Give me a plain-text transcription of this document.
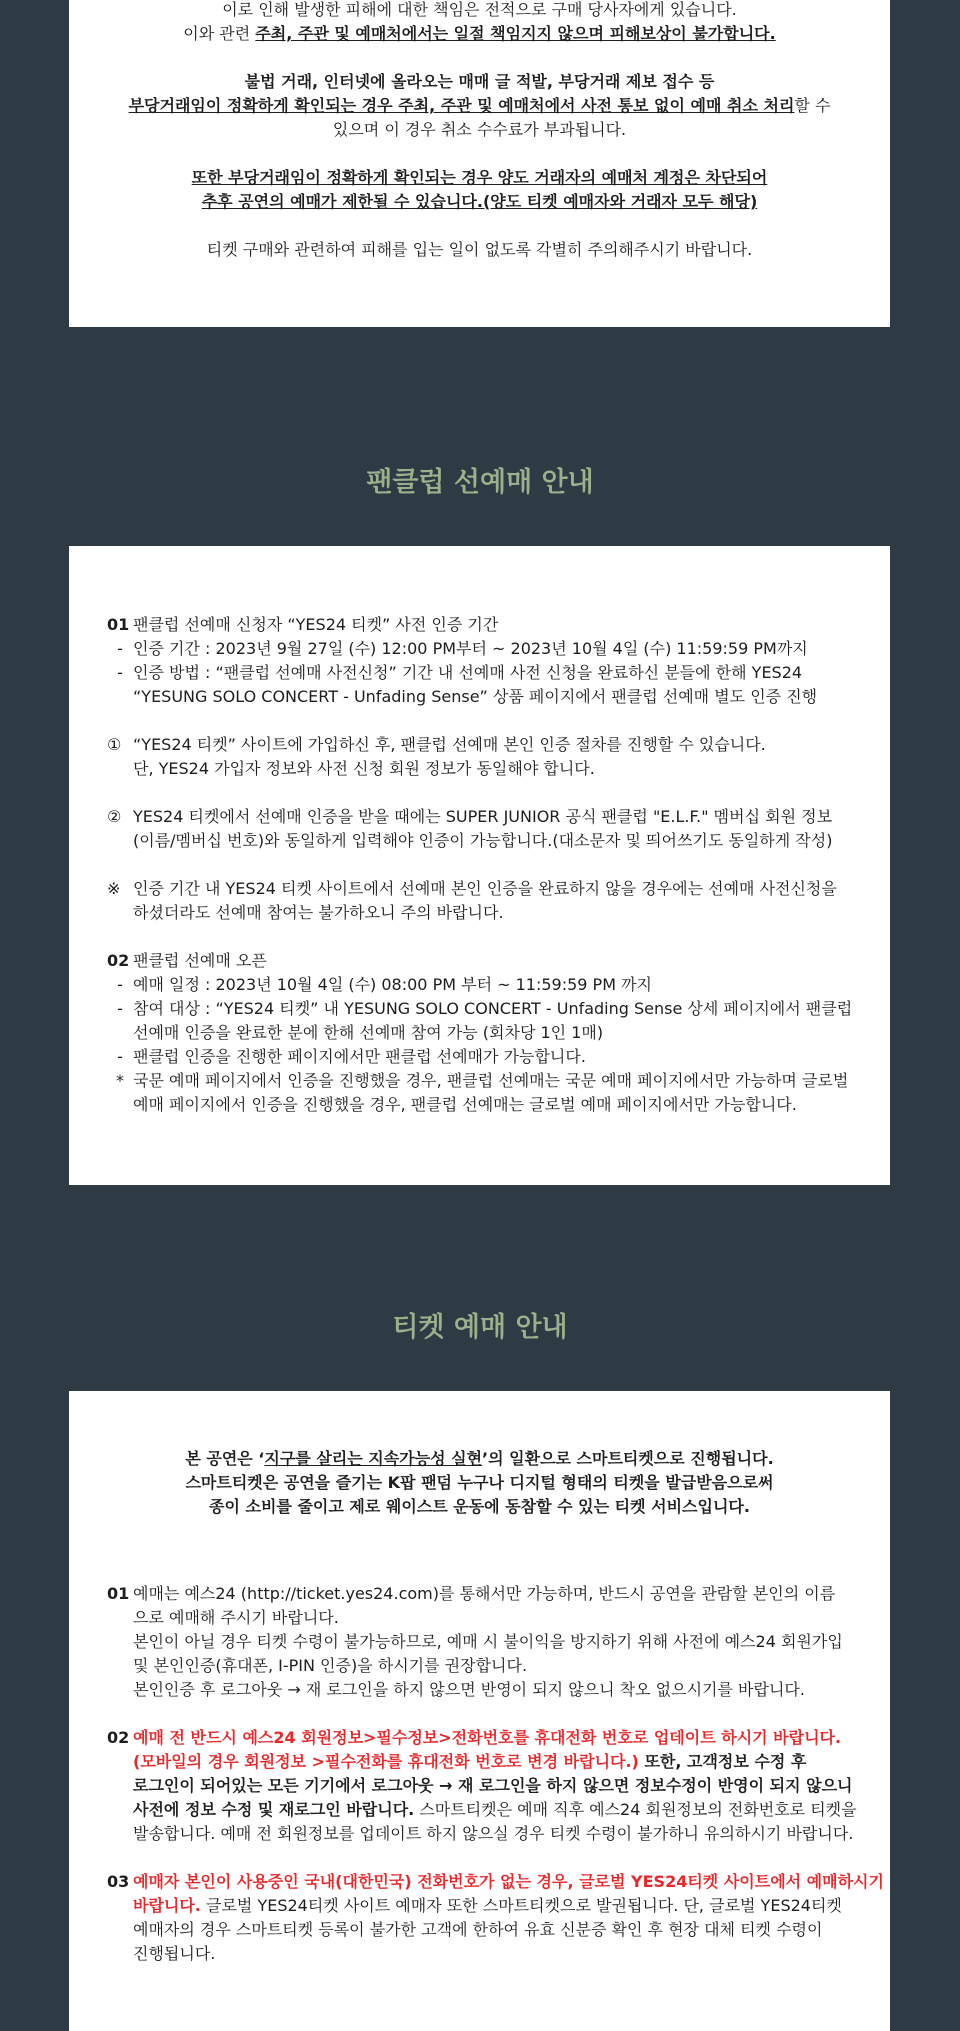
이로 인해 발생한 피해에 대한 책임은 전적으로 구매 당사자에게 있습니다.

이와 관련 주최, 주관 및 예매처에서는 일절 책임지지 않으며 피해보상이 불가합니다.

불법 거래, 인터넷에 올라오는 매매 글 적발, 부당거래 제보 접수 등

부당거래임이 정확하게 확인되는 경우 주최, 주관 및 예매처에서 사전 통보 없이 예매 취소 처리할 수

있으며 이 경우 취소 수수료가 부과됩니다.

또한 부당거래임이 정확하게 확인되는 경우 양도 거래자의 예매처 계정은 차단되어

추후 공연의 예매가 제한될 수 있습니다.(양도 티켓 예매자와 거래자 모두 해당)

티켓 구매와 관련하여 피해를 입는 일이 없도록 각별히 주의해주시기 바랍니다.

팬클럽 선예매 안내
01 팬클럽 선예매 신청자 “YES24 티켓” 사전 인증 기간
- 인증 기간 : 2023년 9월 27일 (수) 12:00 PM부터 ~ 2023년 10월 4일 (수) 11:59:59 PM까지
- 인증 방법 : “팬클럽 선예매 사전신청” 기간 내 선예매 사전 신청을 완료하신 분들에 한해 YES24
“YESUNG SOLO CONCERT - Unfading Sense” 상품 페이지에서 팬클럽 선예매 별도 인증 진행
① “YES24 티켓” 사이트에 가입하신 후, 팬클럽 선예매 본인 인증 절차를 진행할 수 있습니다.
단, YES24 가입자 정보와 사전 신청 회원 정보가 동일해야 합니다.
② YES24 티켓에서 선예매 인증을 받을 때에는 SUPER JUNIOR 공식 팬클럽 "E.L.F." 멤버십 회원 정보
(이름/멤버십 번호)와 동일하게 입력해야 인증이 가능합니다.(대소문자 및 띄어쓰기도 동일하게 작성)
※ 인증 기간 내 YES24 티켓 사이트에서 선예매 본인 인증을 완료하지 않을 경우에는 선예매 사전신청을
하셨더라도 선예매 참여는 불가하오니 주의 바랍니다.
02 팬클럽 선예매 오픈
- 예매 일정 : 2023년 10월 4일 (수) 08:00 PM 부터 ~ 11:59:59 PM 까지
- 참여 대상 : “YES24 티켓” 내 YESUNG SOLO CONCERT - Unfading Sense 상세 페이지에서 팬클럽
선예매 인증을 완료한 분에 한해 선예매 참여 가능 (회차당 1인 1매)
- 팬클럽 인증을 진행한 페이지에서만 팬클럽 선예매가 가능합니다.
* 국문 예매 페이지에서 인증을 진행했을 경우, 팬클럽 선예매는 국문 예매 페이지에서만 가능하며 글로벌
예매 페이지에서 인증을 진행했을 경우, 팬클럽 선예매는 글로벌 예매 페이지에서만 가능합니다.
티켓 예매 안내

본 공연은 ‘지구를 살리는 지속가능성 실현’의 일환으로 스마트티켓으로 진행됩니다.

스마트티켓은 공연을 즐기는 K팝 팬덤 누구나 디지털 형태의 티켓을 발급받음으로써

종이 소비를 줄이고 제로 웨이스트 운동에 동참할 수 있는 티켓 서비스입니다.

01 예매는 예스24 (http://ticket.yes24.com)를 통해서만 가능하며, 반드시 공연을 관람할 본인의 이름
으로 예매해 주시기 바랍니다.
본인이 아닐 경우 티켓 수령이 불가능하므로, 예매 시 불이익을 방지하기 위해 사전에 예스24 회원가입
및 본인인증(휴대폰, I-PIN 인증)을 하시기를 권장합니다.
본인인증 후 로그아웃 → 재 로그인을 하지 않으면 반영이 되지 않으니 착오 없으시기를 바랍니다.
02 예매 전 반드시 예스24 회원정보>필수정보>전화번호를 휴대전화 번호로 업데이트 하시기 바랍니다.
(모바일의 경우 회원정보 >필수전화를 휴대전화 번호로 변경 바랍니다.) 또한, 고객정보 수정 후
로그인이 되어있는 모든 기기에서 로그아웃 → 재 로그인을 하지 않으면 정보수정이 반영이 되지 않으니
사전에 정보 수정 및 재로그인 바랍니다. 스마트티켓은 예매 직후 예스24 회원정보의 전화번호로 티켓을
발송합니다. 예매 전 회원정보를 업데이트 하지 않으실 경우 티켓 수령이 불가하니 유의하시기 바랍니다.
03 예매자 본인이 사용중인 국내(대한민국) 전화번호가 없는 경우, 글로벌 YES24티켓 사이트에서 예매하시기
바랍니다. 글로벌 YES24티켓 사이트 예매자 또한 스마트티켓으로 발권됩니다. 단, 글로벌 YES24티켓
예매자의 경우 스마트티켓 등록이 불가한 고객에 한하여 유효 신분증 확인 후 현장 대체 티켓 수령이
진행됩니다.
